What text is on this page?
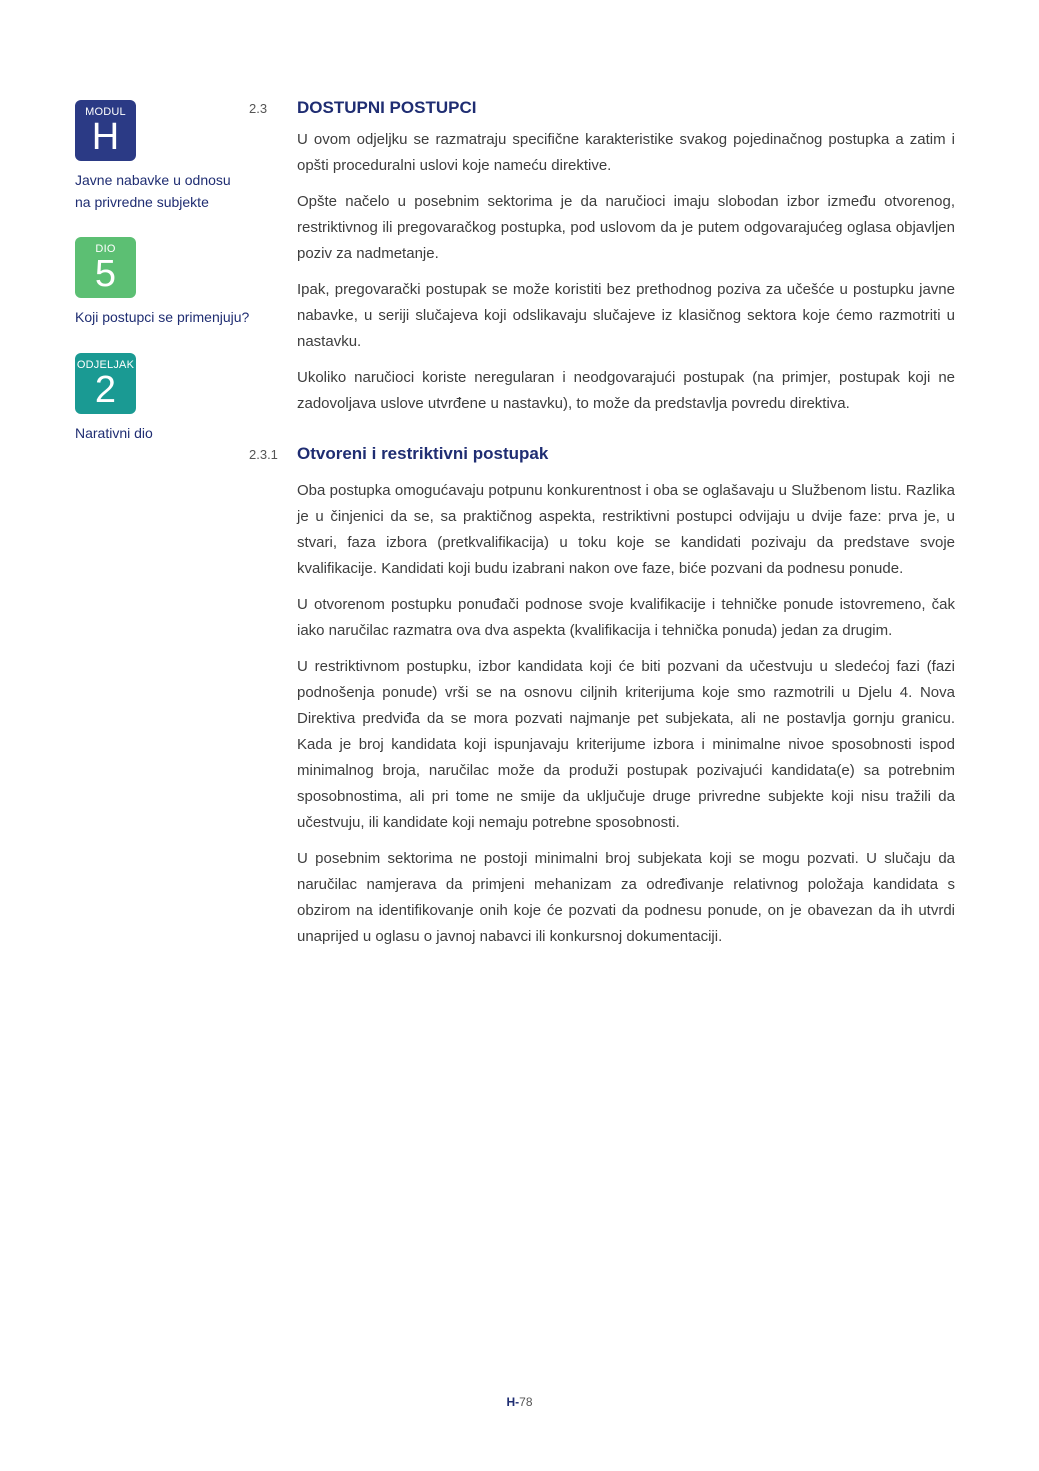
MODUL
H
Javne nabavke u odnosu
na privredne subjekte
DIO
5
Koji postupci se primenjuju?
ODJELJAK
2
Narativni dio
2.3 DOSTUPNI POSTUPCI

U ovom odjeljku se razmatraju specifične karakteristike svakog pojedinačnog postupka a zatim i opšti proceduralni uslovi koje nameću direktive.

Opšte načelo u posebnim sektorima je da naručioci imaju slobodan izbor između otvorenog, restriktivnog ili pregovaračkog postupka, pod uslovom da je putem odgovarajućeg oglasa objavljen poziv za nadmetanje.

Ipak, pregovarački postupak se može koristiti bez prethodnog poziva za učešće u postupku javne nabavke, u seriji slučajeva koji odslikavaju slučajeve iz klasičnog sektora koje ćemo razmotriti u nastavku.

Ukoliko naručioci koriste neregularan i neodgovarajući postupak (na primjer, postupak koji ne zadovoljava uslove utvrđene u nastavku), to može da predstavlja povredu direktiva.

2.3.1 Otvoreni i restriktivni postupak

Oba postupka omogućavaju potpunu konkurentnost i oba se oglašavaju u Službenom listu. Razlika je u činjenici da se, sa praktičnog aspekta, restriktivni postupci odvijaju u dvije faze: prva je, u stvari, faza izbora (pretkvalifikacija) u toku koje se kandidati pozivaju da predstave svoje kvalifikacije. Kandidati koji budu izabrani nakon ove faze, biće pozvani da podnesu ponude.

U otvorenom postupku ponuđači podnose svoje kvalifikacije i tehničke ponude istovremeno, čak iako naručilac razmatra ova dva aspekta (kvalifikacija i tehnička ponuda) jedan za drugim.

U restriktivnom postupku, izbor kandidata koji će biti pozvani da učestvuju u sledećoj fazi (fazi podnošenja ponude) vrši se na osnovu ciljnih kriterijuma koje smo razmotrili u Djelu 4. Nova Direktiva predviđa da se mora pozvati najmanje pet subjekata, ali ne postavlja gornju granicu. Kada je broj kandidata koji ispunjavaju kriterijume izbora i minimalne nivoe sposobnosti ispod minimalnog broja, naručilac može da produži postupak pozivajući kandidata(e) sa potrebnim sposobnostima, ali pri tome ne smije da uključuje druge privredne subjekte koji nisu tražili da učestvuju, ili kandidate koji nemaju potrebne sposobnosti.

U posebnim sektorima ne postoji minimalni broj subjekata koji se mogu pozvati. U slučaju da naručilac namjerava da primjeni mehanizam za određivanje relativnog položaja kandidata s obzirom na identifikovanje onih koje će pozvati da podnesu ponude, on je obavezan da ih utvrdi unaprijed u oglasu o javnoj nabavci ili konkursnoj dokumentaciji.

H-78
